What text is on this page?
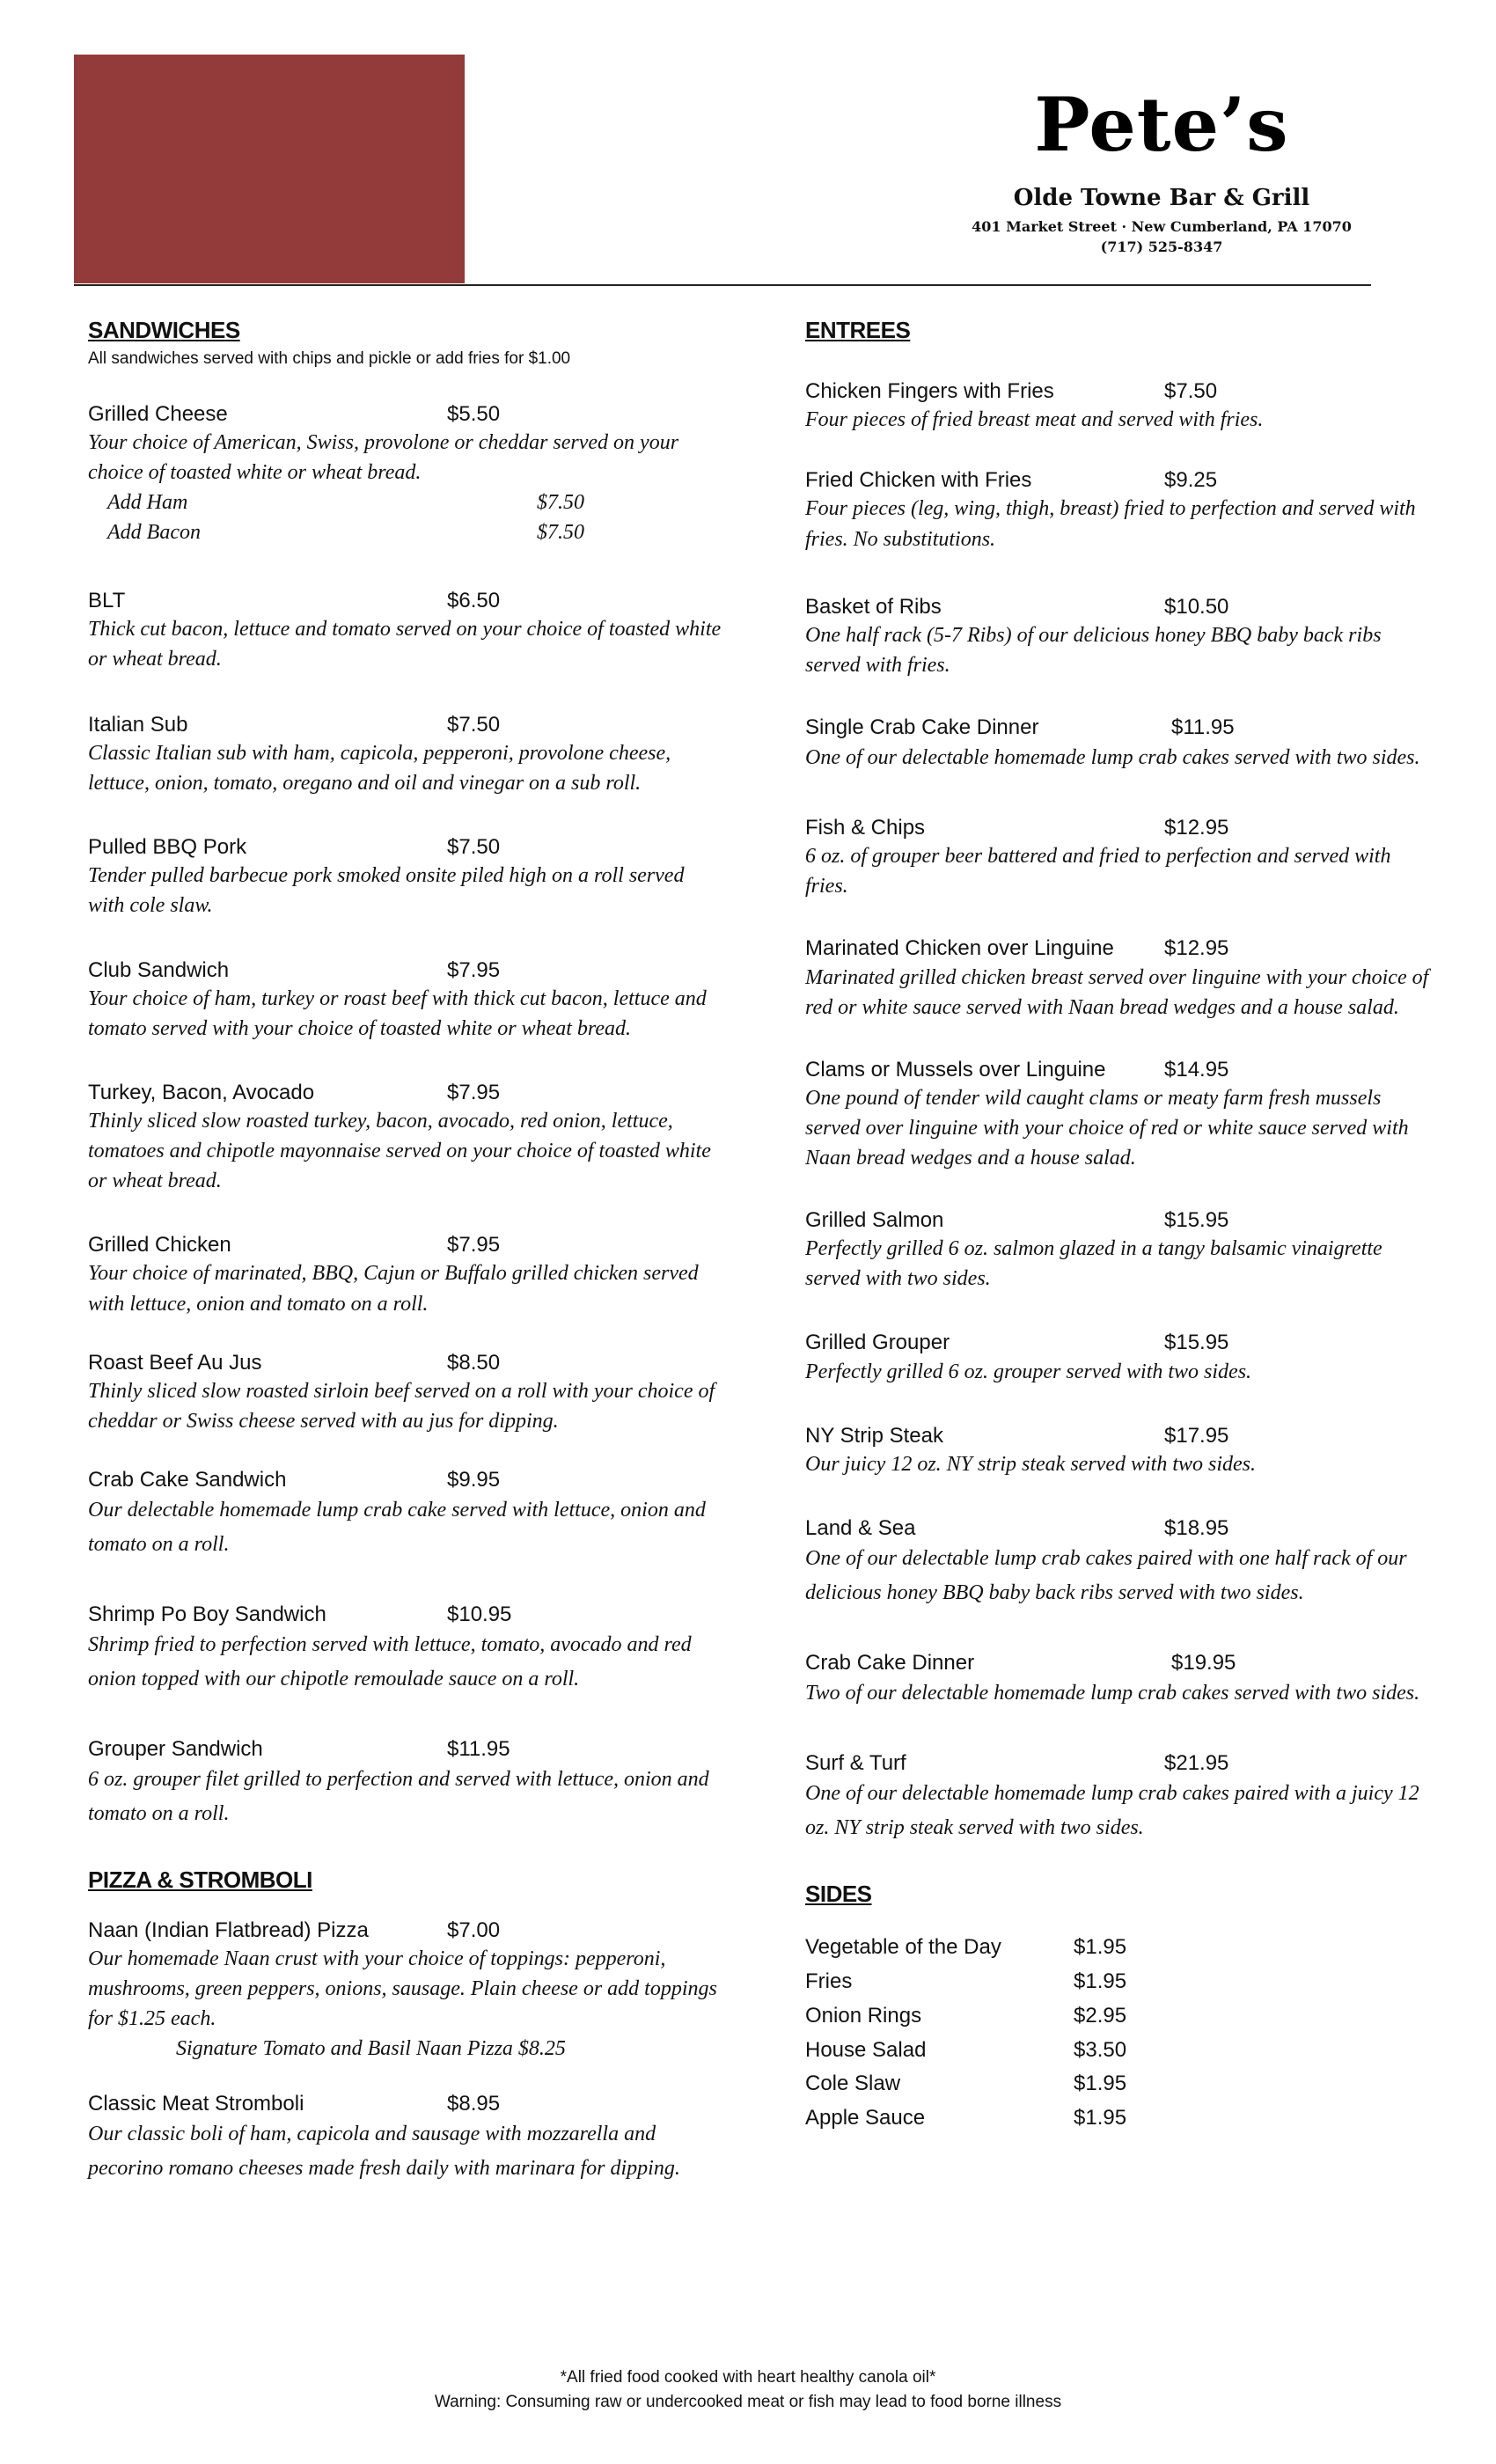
Pete’s
Olde Towne Bar & Grill
401 Market Street · New Cumberland, PA 17070
(717) 525-8347
SANDWICHES
All sandwiches served with chips and pickle or add fries for $1.00
Grilled Cheese	$5.50
Your choice of American, Swiss, provolone or cheddar served on your choice of toasted white or wheat bread.
Add Ham	$7.50
Add Bacon	$7.50
BLT	$6.50
Thick cut bacon, lettuce and tomato served on your choice of toasted white or wheat bread.
Italian Sub	$7.50
Classic Italian sub with ham, capicola, pepperoni, provolone cheese, lettuce, onion, tomato, oregano and oil and vinegar on a sub roll.
Pulled BBQ Pork	$7.50
Tender pulled barbecue pork smoked onsite piled high on a roll served with cole slaw.
Club Sandwich	$7.95
Your choice of ham, turkey or roast beef with thick cut bacon, lettuce and tomato served with your choice of toasted white or wheat bread.
Turkey, Bacon, Avocado	$7.95
Thinly sliced slow roasted turkey, bacon, avocado, red onion, lettuce, tomatoes and chipotle mayonnaise served on your choice of toasted white or wheat bread.
Grilled Chicken	$7.95
Your choice of marinated, BBQ, Cajun or Buffalo grilled chicken served with lettuce, onion and tomato on a roll.
Roast Beef Au Jus	$8.50
Thinly sliced slow roasted sirloin beef served on a roll with your choice of cheddar or Swiss cheese served with au jus for dipping.
Crab Cake Sandwich	$9.95
Our delectable homemade lump crab cake served with lettuce, onion and tomato on a roll.
Shrimp Po Boy Sandwich	$10.95
Shrimp fried to perfection served with lettuce, tomato, avocado and red onion topped with our chipotle remoulade sauce on a roll.
Grouper Sandwich	$11.95
6 oz. grouper filet grilled to perfection and served with lettuce, onion and tomato on a roll.
PIZZA & STROMBOLI
Naan (Indian Flatbread) Pizza	$7.00
Our homemade Naan crust with your choice of toppings: pepperoni, mushrooms, green peppers, onions, sausage. Plain cheese or add toppings for $1.25 each.
Signature Tomato and Basil Naan Pizza $8.25
Classic Meat Stromboli	$8.95
Our classic boli of ham, capicola and sausage with mozzarella and pecorino romano cheeses made fresh daily with marinara for dipping.
ENTREES
Chicken Fingers with Fries	$7.50
Four pieces of fried breast meat and served with fries.
Fried Chicken with Fries	$9.25
Four pieces (leg, wing, thigh, breast) fried to perfection and served with fries. No substitutions.
Basket of Ribs	$10.50
One half rack (5-7 Ribs) of our delicious honey BBQ baby back ribs served with fries.
Single Crab Cake Dinner	$11.95
One of our delectable homemade lump crab cakes served with two sides.
Fish & Chips	$12.95
6 oz. of grouper beer battered and fried to perfection and served with fries.
Marinated Chicken over Linguine	$12.95
Marinated grilled chicken breast served over linguine with your choice of red or white sauce served with Naan bread wedges and a house salad.
Clams or Mussels over Linguine	$14.95
One pound of tender wild caught clams or meaty farm fresh mussels served over linguine with your choice of red or white sauce served with Naan bread wedges and a house salad.
Grilled Salmon	$15.95
Perfectly grilled 6 oz. salmon glazed in a tangy balsamic vinaigrette served with two sides.
Grilled Grouper	$15.95
Perfectly grilled 6 oz. grouper served with two sides.
NY Strip Steak	$17.95
Our juicy 12 oz. NY strip steak served with two sides.
Land & Sea	$18.95
One of our delectable lump crab cakes paired with one half rack of our delicious honey BBQ baby back ribs served with two sides.
Crab Cake Dinner	$19.95
Two of our delectable homemade lump crab cakes served with two sides.
Surf & Turf	$21.95
One of our delectable homemade lump crab cakes paired with a juicy 12 oz. NY strip steak served with two sides.
SIDES
Vegetable of the Day	$1.95
Fries	$1.95
Onion Rings	$2.95
House Salad	$3.50
Cole Slaw	$1.95
Apple Sauce	$1.95
*All fried food cooked with heart healthy canola oil*
Warning: Consuming raw or undercooked meat or fish may lead to food borne illness
